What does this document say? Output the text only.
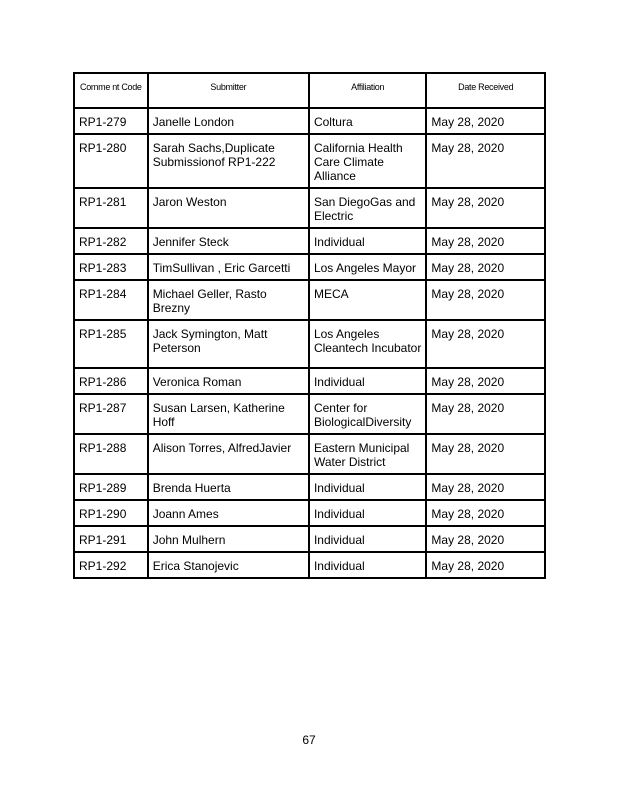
Comme nt Code	Submitter	Affiliation	Date Received
RP1-279	Janelle London	Coltura	May 28, 2020
RP1-280	Sarah Sachs,Duplicate Submissionof RP1-222	California Health Care Climate Alliance	May 28, 2020
RP1-281	Jaron Weston	San DiegoGas and Electric	May 28, 2020
RP1-282	Jennifer Steck	Individual	May 28, 2020
RP1-283	TimSullivan , Eric Garcetti	Los Angeles Mayor	May 28, 2020
RP1-284	Michael Geller, Rasto Brezny	MECA	May 28, 2020
RP1-285	Jack Symington, Matt Peterson	Los Angeles Cleantech Incubator	May 28, 2020
RP1-286	Veronica Roman	Individual	May 28, 2020
RP1-287	Susan Larsen, Katherine Hoff	Center for BiologicalDiversity	May 28, 2020
RP1-288	Alison Torres, AlfredJavier	Eastern Municipal Water District	May 28, 2020
RP1-289	Brenda Huerta	Individual	May 28, 2020
RP1-290	Joann Ames	Individual	May 28, 2020
RP1-291	John Mulhern	Individual	May 28, 2020
RP1-292	Erica Stanojevic	Individual	May 28, 2020
67
